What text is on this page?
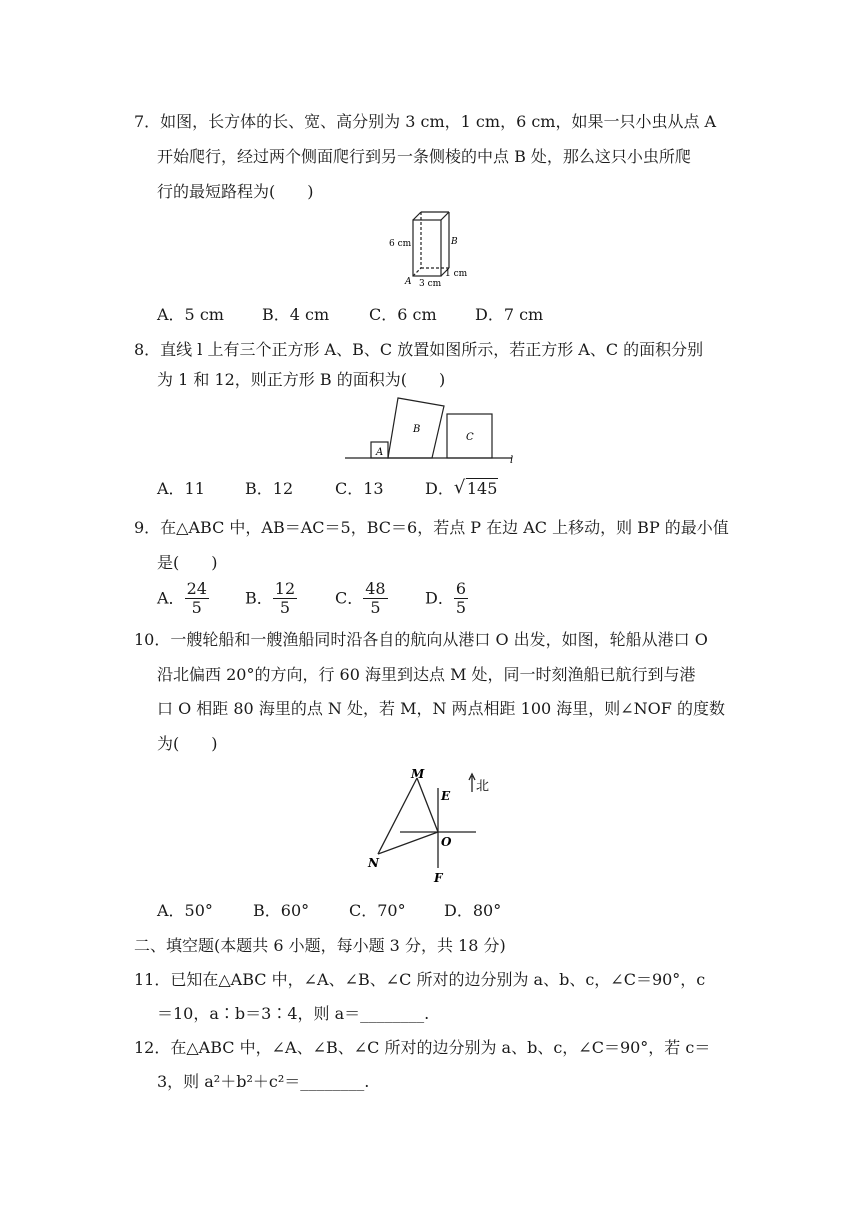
7．如图，长方体的长、宽、高分别为 3 cm，1 cm，6 cm，如果一只小虫从点 A
开始爬行，经过两个侧面爬行到另一条侧棱的中点 B 处，那么这只小虫所爬
行的最短路程为(　　)
6 cm	B
A 3 cm
1 cm
A．5 cm B．4 cm C．6 cm D．7 cm
8．直线 l 上有三个正方形 A、B、C 放置如图所示，若正方形 A、C 的面积分别
为 1 和 12，则正方形 B 的面积为(　　)
A
B
C
l
A．11	B．12	C．13	D． √ 145
9．在△ABC 中，AB＝AC＝5，BC＝6，若点 P 在边 AC 上移动，则 BP 的最小值
是(　　)
A． $\frac{24}{5}$ B． $\frac{12}{5}$ C． $\frac{48}{5}$ D． $\frac{6}{5}$
10．一艘轮船和一艘渔船同时沿各自的航向从港口 O 出发，如图，轮船从港口 O
沿北偏西 20°的方向，行 60 海里到达点 M 处，同一时刻渔船已航行到与港
口 O 相距 80 海里的点 N 处，若 M，N 两点相距 100 海里，则∠NOF 的度数
为(　　)
M
E
北
O
N
F
A．50°	B．60° C．70° D．80°
二、填空题(本题共 6 小题，每小题 3 分，共 18 分)
11．已知在△ABC 中，∠A、∠B、∠C 所对的边分别为 a、b、c，∠C＝90°，c
＝10，a∶b＝3∶4，则 a＝________.
12．在△ABC 中，∠A、∠B、∠C 所对的边分别为 a、b、c，∠C＝90°，若 c＝
3，则 a²＋b²＋c²＝________.
